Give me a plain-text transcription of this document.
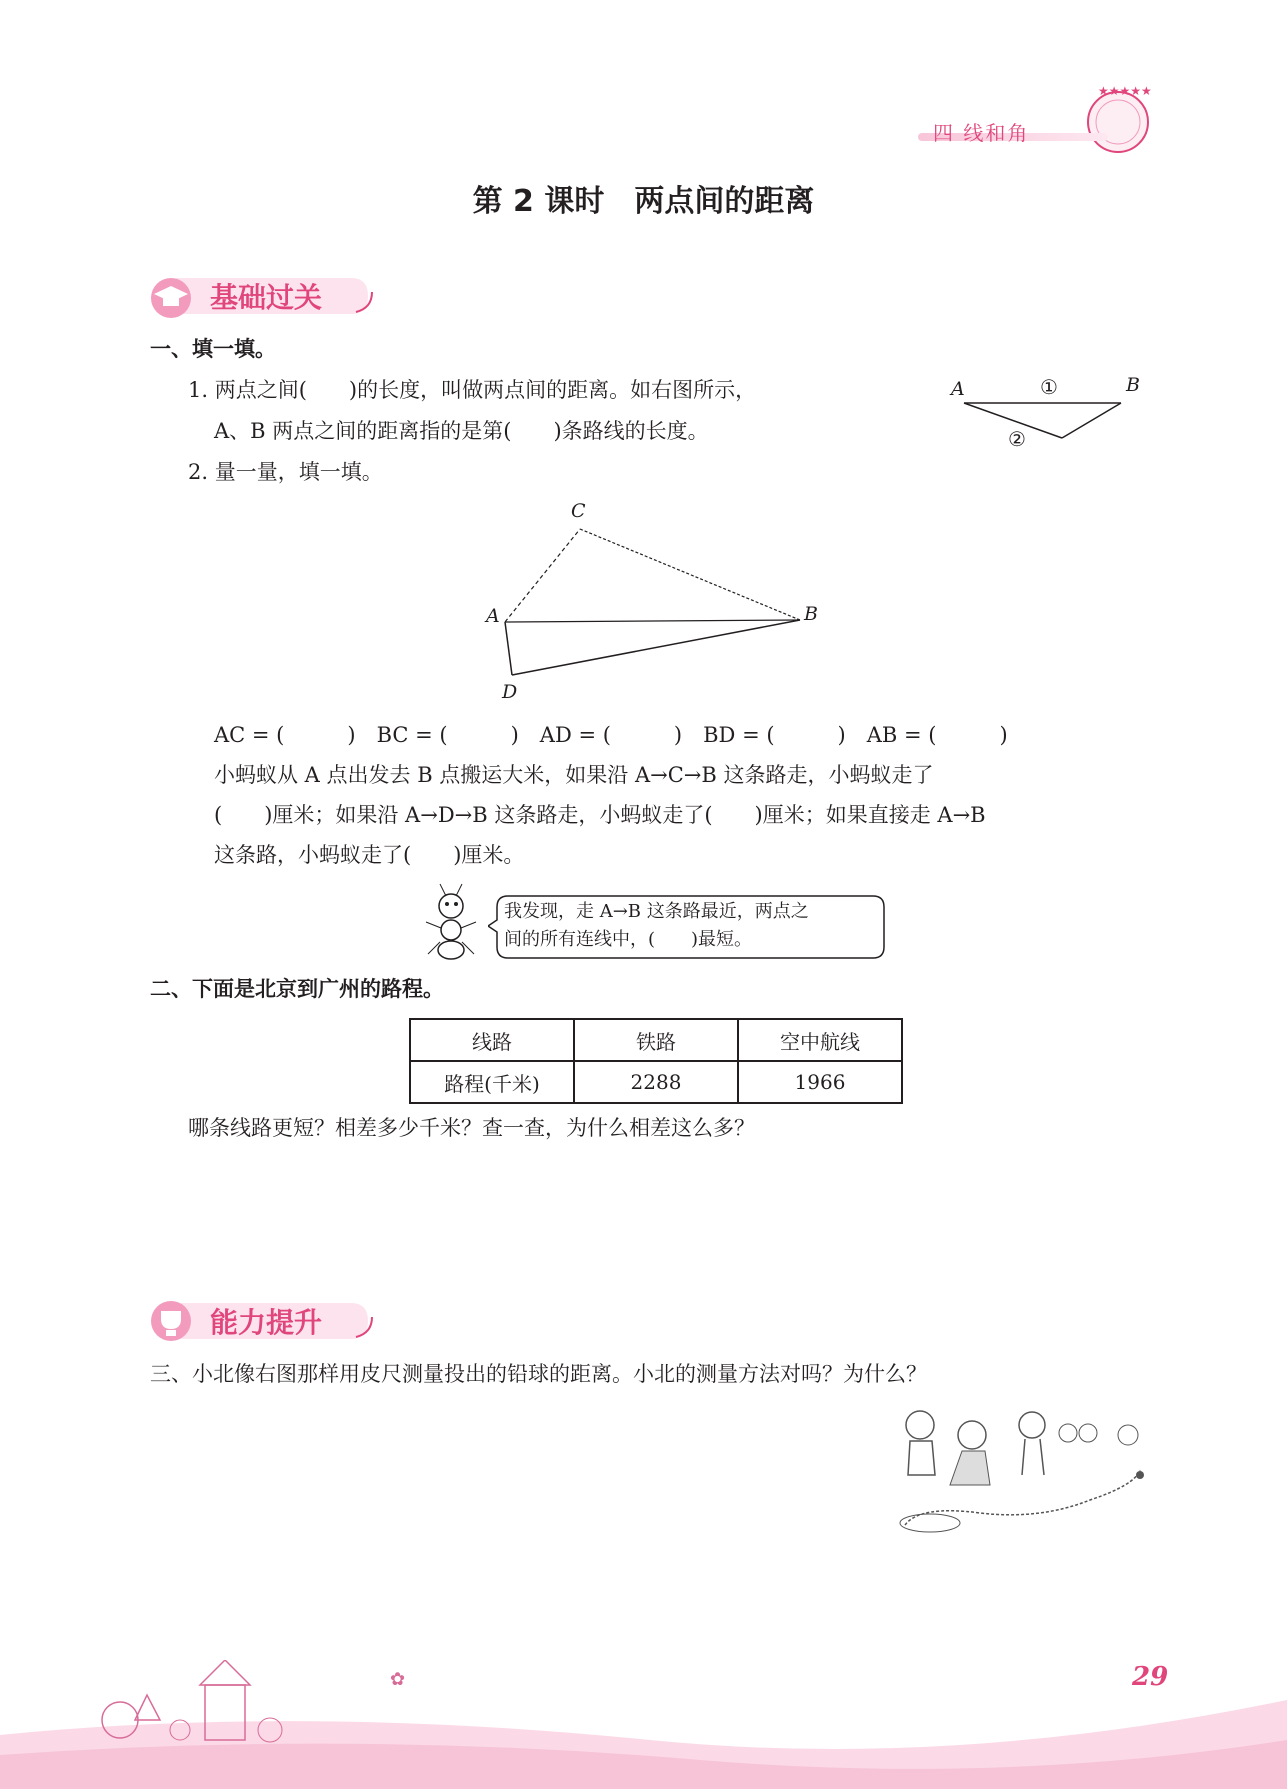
★★★★★
四 线和角
第 2 课时　两点间的距离
基础过关
一、填一填。
1. 两点之间(　　)的长度，叫做两点间的距离。如右图所示，
A、B 两点之间的距离指的是第(　　)条路线的长度。
2. 量一量，填一填。
A	B
①
②
C
A	B
D
AC = (　　　)　BC = (　　　)　AD = (　　　)　BD = (　　　)　AB = (　　　)
小蚂蚁从 A 点出发去 B 点搬运大米，如果沿 A→C→B 这条路走，小蚂蚁走了
(　　)厘米；如果沿 A→D→B 这条路走，小蚂蚁走了(　　)厘米；如果直接走 A→B
这条路，小蚂蚁走了(　　)厘米。
我发现，走 A→B 这条路最近，两点之
间的所有连线中，(　　)最短。
二、下面是北京到广州的路程。
线路	铁路	空中航线
路程(千米)	2288	1966
哪条线路更短？相差多少千米？查一查，为什么相差这么多？
能力提升
三、小北像右图那样用皮尺测量投出的铅球的距离。小北的测量方法对吗？为什么？
✿	29
